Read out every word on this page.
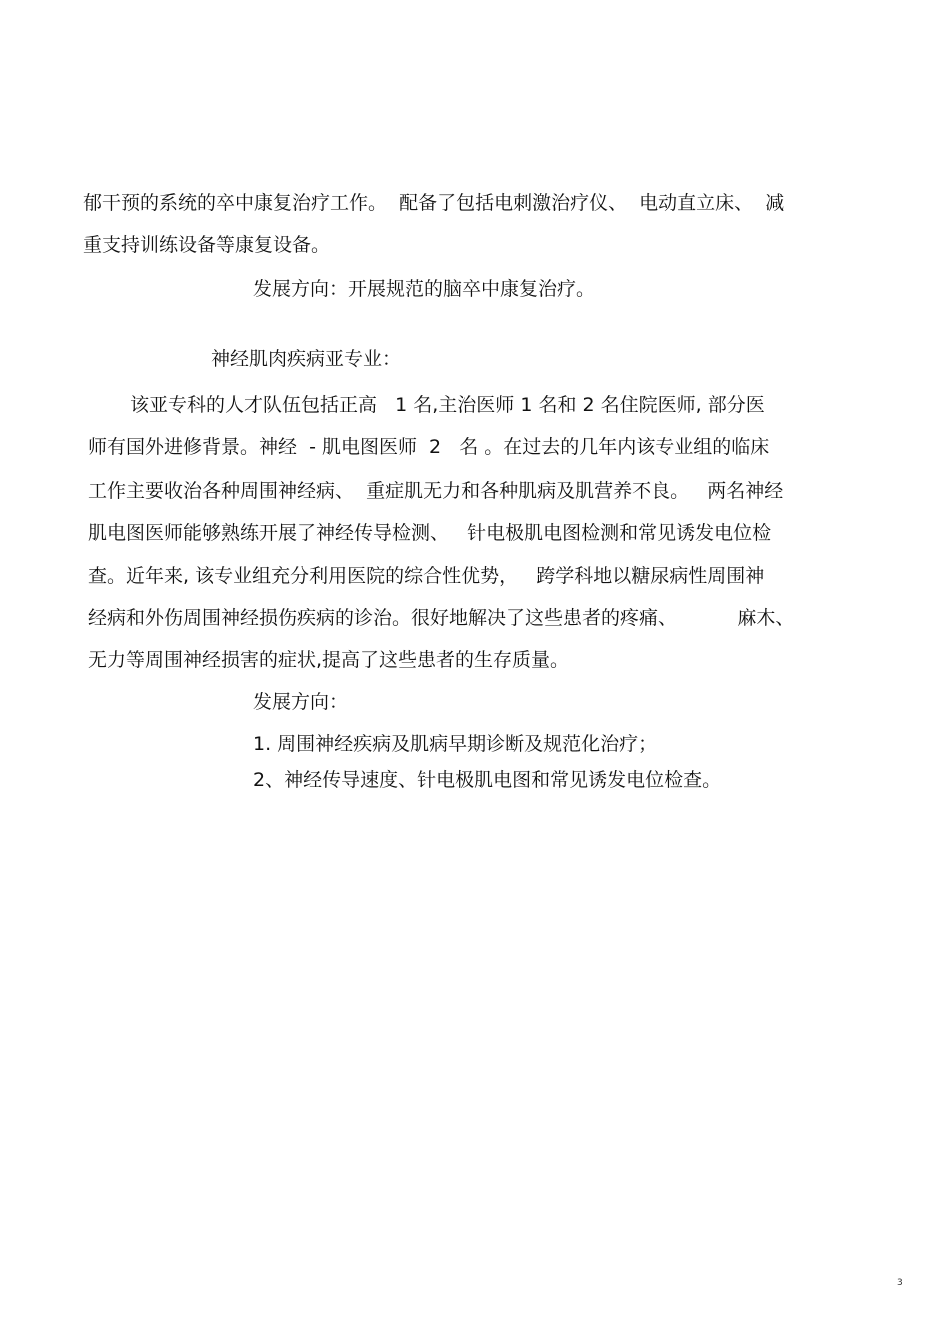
郁干预的系统的卒中康复治疗工作。  配备了包括电刺激治疗仪、  电动直立床、  减

重支持训练设备等康复设备。

发展方向：开展规范的脑卒中康复治疗。

神经肌肉疾病亚专业：

该亚专科的人才队伍包括正高   1 名,主治医师 1 名和 2 名住院医师, 部分医

师有国外进修背景。神经  - 肌电图医师  2   名 。在过去的几年内该专业组的临床

工作主要收治各种周围神经病、  重症肌无力和各种肌病及肌营养不良。   两名神经

肌电图医师能够熟练开展了神经传导检测、   针电极肌电图检测和常见诱发电位检

查。近年来, 该专业组充分利用医院的综合性优势，   跨学科地以糖尿病性周围神

经病和外伤周围神经损伤疾病的诊治。很好地解决了这些患者的疼痛、          麻木、

无力等周围神经损害的症状,提高了这些患者的生存质量。

发展方向：

1. 周围神经疾病及肌病早期诊断及规范化治疗；

2、神经传导速度、针电极肌电图和常见诱发电位检查。

3
